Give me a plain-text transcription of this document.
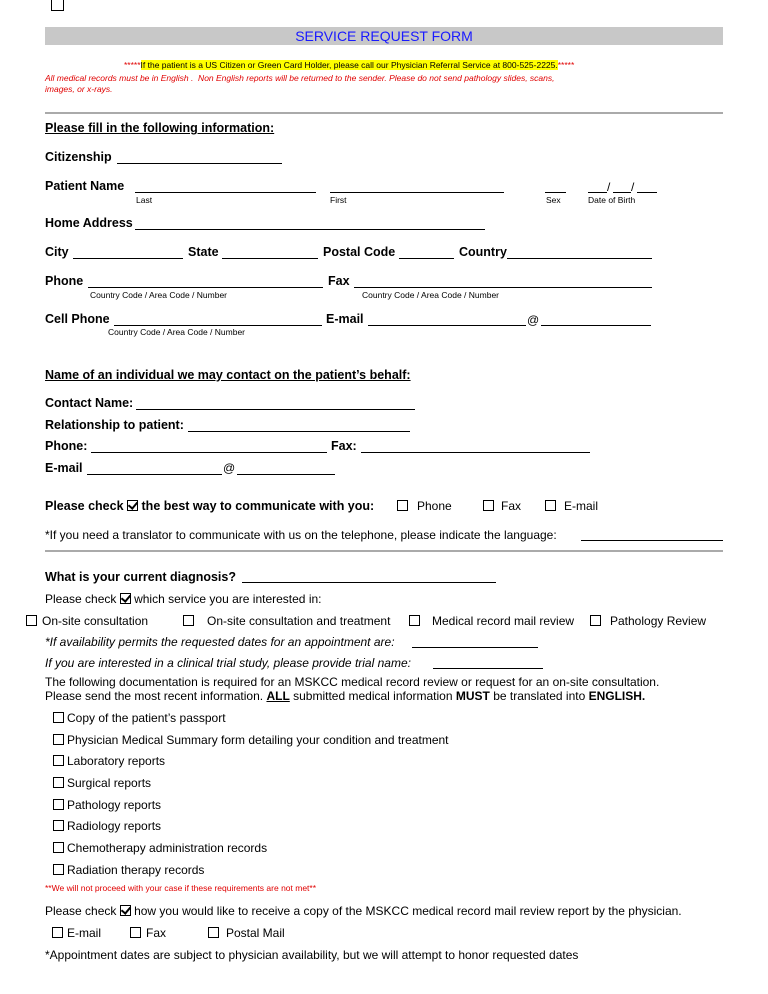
SERVICE REQUEST FORM
*****If the patient is a US Citizen or Green Card Holder, please call our Physician Referral Service at 800-525-2225.*****
All medical records must be in English .  Non English reports will be returned to the sender. Please do not send pathology slides, scans,
images, or x-rays.
Please fill in the following information:
Citizenship
Patient Name	/ /
Last	First	Sex	Date of Birth
Home Address
City	State	Postal Code	Country
Phone	Fax
Country Code / Area Code / Number	Country Code / Area Code / Number
Cell Phone	E-mail	@
Country Code / Area Code / Number
Name of an individual we may contact on the patient’s behalf:
Contact Name:
Relationship to patient:
Phone:	Fax:
E-mail	@
Please check the best way to communicate with you:	Phone	Fax	E-mail
*If you need a translator to communicate with us on the telephone, please indicate the language:
What is your current diagnosis?
Please check which service you are interested in:
On-site consultation	On-site consultation and treatment	Medical record mail review	Pathology Review
*If availability permits the requested dates for an appointment are:
If you are interested in a clinical trial study, please provide trial name:
The following documentation is required for an MSKCC medical record review or request for an on-site consultation.
Please send the most recent information. ALL submitted medical information MUST be translated into ENGLISH.
Copy of the patient’s passport
Physician Medical Summary form detailing your condition and treatment
Laboratory reports
Surgical reports
Pathology reports
Radiology reports
Chemotherapy administration records
Radiation therapy records
**We will not proceed with your case if these requirements are not met**
Please check how you would like to receive a copy of the MSKCC medical record mail review report by the physician.
E-mail	Fax	Postal Mail
*Appointment dates are subject to physician availability, but we will attempt to honor requested dates
